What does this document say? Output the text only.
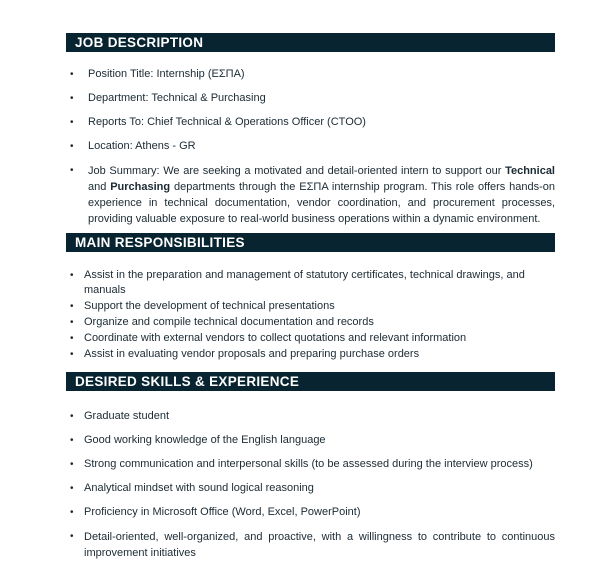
JOB DESCRIPTION
• Position Title: Internship (ΕΣΠΑ)
• Department: Technical & Purchasing
• Reports To: Chief Technical & Operations Officer (CTOO)
• Location: Athens - GR
• Job Summary: We are seeking a motivated and detail-oriented intern to support our Technical and Purchasing departments through the ΕΣΠΑ internship program. This role offers hands-on experience in technical documentation, vendor coordination, and procurement processes, providing valuable exposure to real-world business operations within a dynamic environment.
MAIN RESPONSIBILITIES
• Assist in the preparation and management of statutory certificates, technical drawings, and manuals
• Support the development of technical presentations
• Organize and compile technical documentation and records
• Coordinate with external vendors to collect quotations and relevant information
• Assist in evaluating vendor proposals and preparing purchase orders
DESIRED SKILLS & EXPERIENCE
• Graduate student
• Good working knowledge of the English language
• Strong communication and interpersonal skills (to be assessed during the interview process)
• Analytical mindset with sound logical reasoning
• Proficiency in Microsoft Office (Word, Excel, PowerPoint)
• Detail-oriented, well-organized, and proactive, with a willingness to contribute to continuous improvement initiatives
